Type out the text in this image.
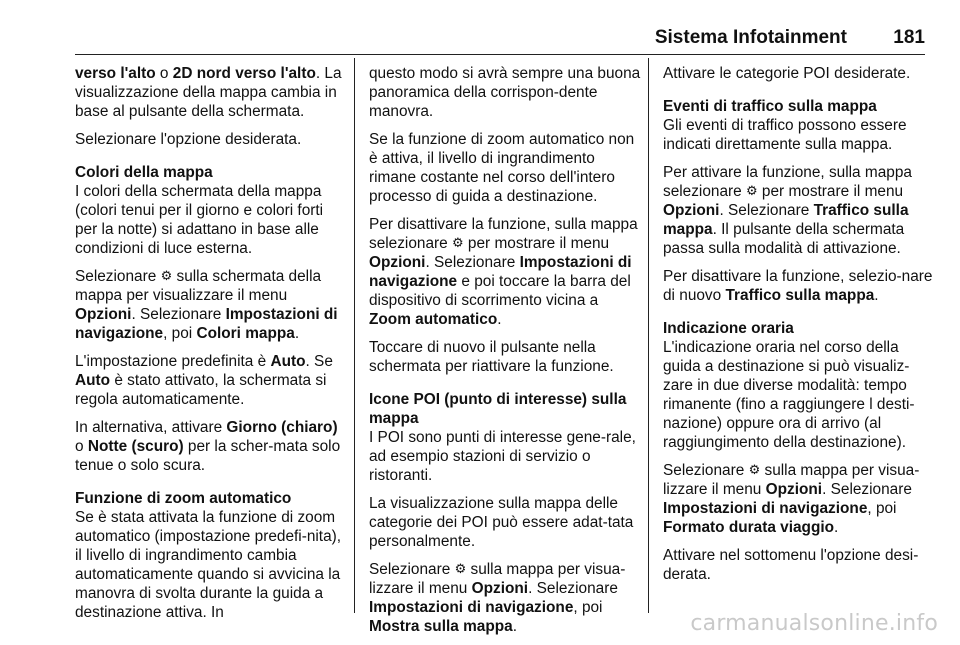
Sistema Infotainment 181

verso l'alto o 2D nord verso l'alto. La visualizzazione della mappa cambia in base al pulsante della schermata.

Selezionare l'opzione desiderata.

Colori della mappa

I colori della schermata della mappa (colori tenui per il giorno e colori forti per la notte) si adattano in base alle condizioni di luce esterna.

Selezionare ⚙ sulla schermata della mappa per visualizzare il menu Opzioni. Selezionare Impostazioni di navigazione, poi Colori mappa.

L'impostazione predefinita è Auto. Se Auto è stato attivato, la schermata si regola automaticamente.

In alternativa, attivare Giorno (chiaro) o Notte (scuro) per la scher-mata solo tenue o solo scura.

Funzione di zoom automatico

Se è stata attivata la funzione di zoom automatico (impostazione predefi-nita), il livello di ingrandimento cambia automaticamente quando si avvicina la manovra di svolta durante la guida a destinazione attiva. In

questo modo si avrà sempre una buona panoramica della corrispon-dente manovra.

Se la funzione di zoom automatico non è attiva, il livello di ingrandimento rimane costante nel corso dell'intero processo di guida a destinazione.

Per disattivare la funzione, sulla mappa selezionare ⚙ per mostrare il menu Opzioni. Selezionare Impostazioni di navigazione e poi toccare la barra del dispositivo di scorrimento vicina a Zoom automatico.

Toccare di nuovo il pulsante nella schermata per riattivare la funzione.

Icone POI (punto di interesse) sulla mappa

I POI sono punti di interesse gene-rale, ad esempio stazioni di servizio o ristoranti.

La visualizzazione sulla mappa delle categorie dei POI può essere adat-tata personalmente.

Selezionare ⚙ sulla mappa per visua-lizzare il menu Opzioni. Selezionare Impostazioni di navigazione, poi Mostra sulla mappa.

Attivare le categorie POI desiderate.

Eventi di traffico sulla mappa

Gli eventi di traffico possono essere indicati direttamente sulla mappa.

Per attivare la funzione, sulla mappa selezionare ⚙ per mostrare il menu Opzioni. Selezionare Traffico sulla mappa. Il pulsante della schermata passa sulla modalità di attivazione.

Per disattivare la funzione, selezio-nare di nuovo Traffico sulla mappa.

Indicazione oraria

L'indicazione oraria nel corso della guida a destinazione si può visualiz-zare in due diverse modalità: tempo rimanente (fino a raggiungere l desti-nazione) oppure ora di arrivo (al raggiungimento della destinazione).

Selezionare ⚙ sulla mappa per visua-lizzare il menu Opzioni. Selezionare Impostazioni di navigazione, poi Formato durata viaggio.

Attivare nel sottomenu l'opzione desi-derata.

carmanualsonline.info
